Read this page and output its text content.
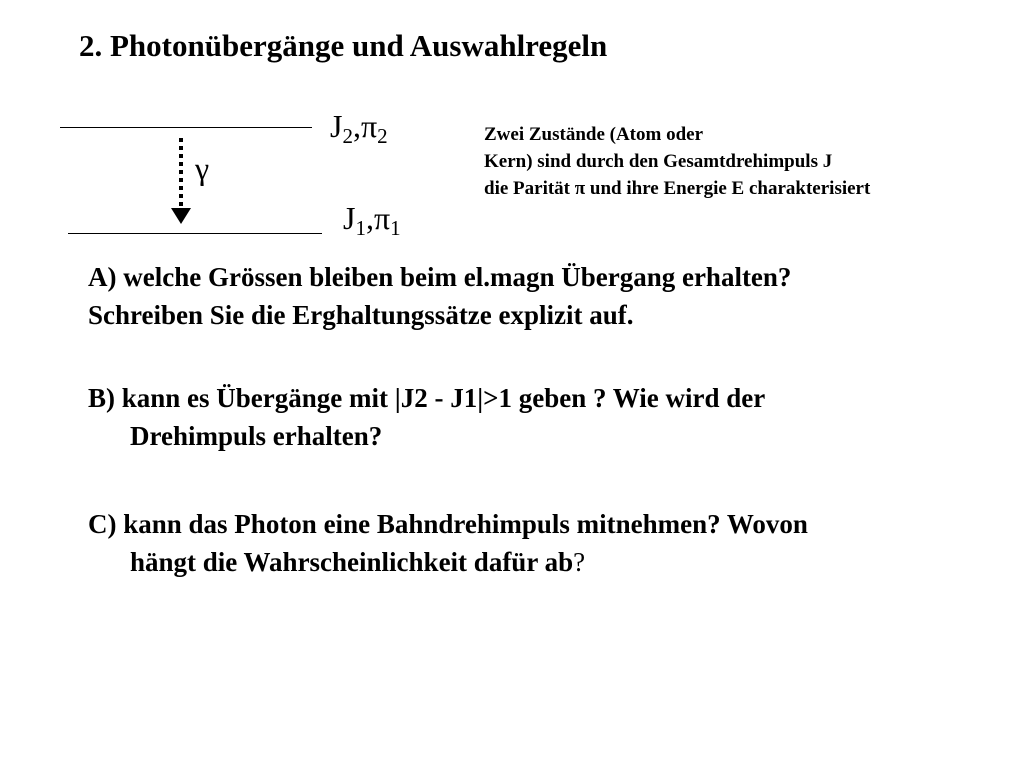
2. Photonübergänge und Auswahlregeln
$J_2,\pi_2$
γ
$J_1,\pi_1$
Zwei Zustände (Atom oder
Kern) sind durch den Gesamtdrehimpuls J
die Parität π und ihre Energie E charakterisiert
A) welche Grössen bleiben beim el.magn Übergang erhalten?
Schreiben Sie die Erghaltungssätze explizit auf.
B) kann es Übergänge mit |J2 - J1|>1 geben ? Wie wird der
Drehimpuls erhalten?
C) kann das Photon eine Bahndrehimpuls mitnehmen? Wovon
hängt die Wahrscheinlichkeit dafür ab?
